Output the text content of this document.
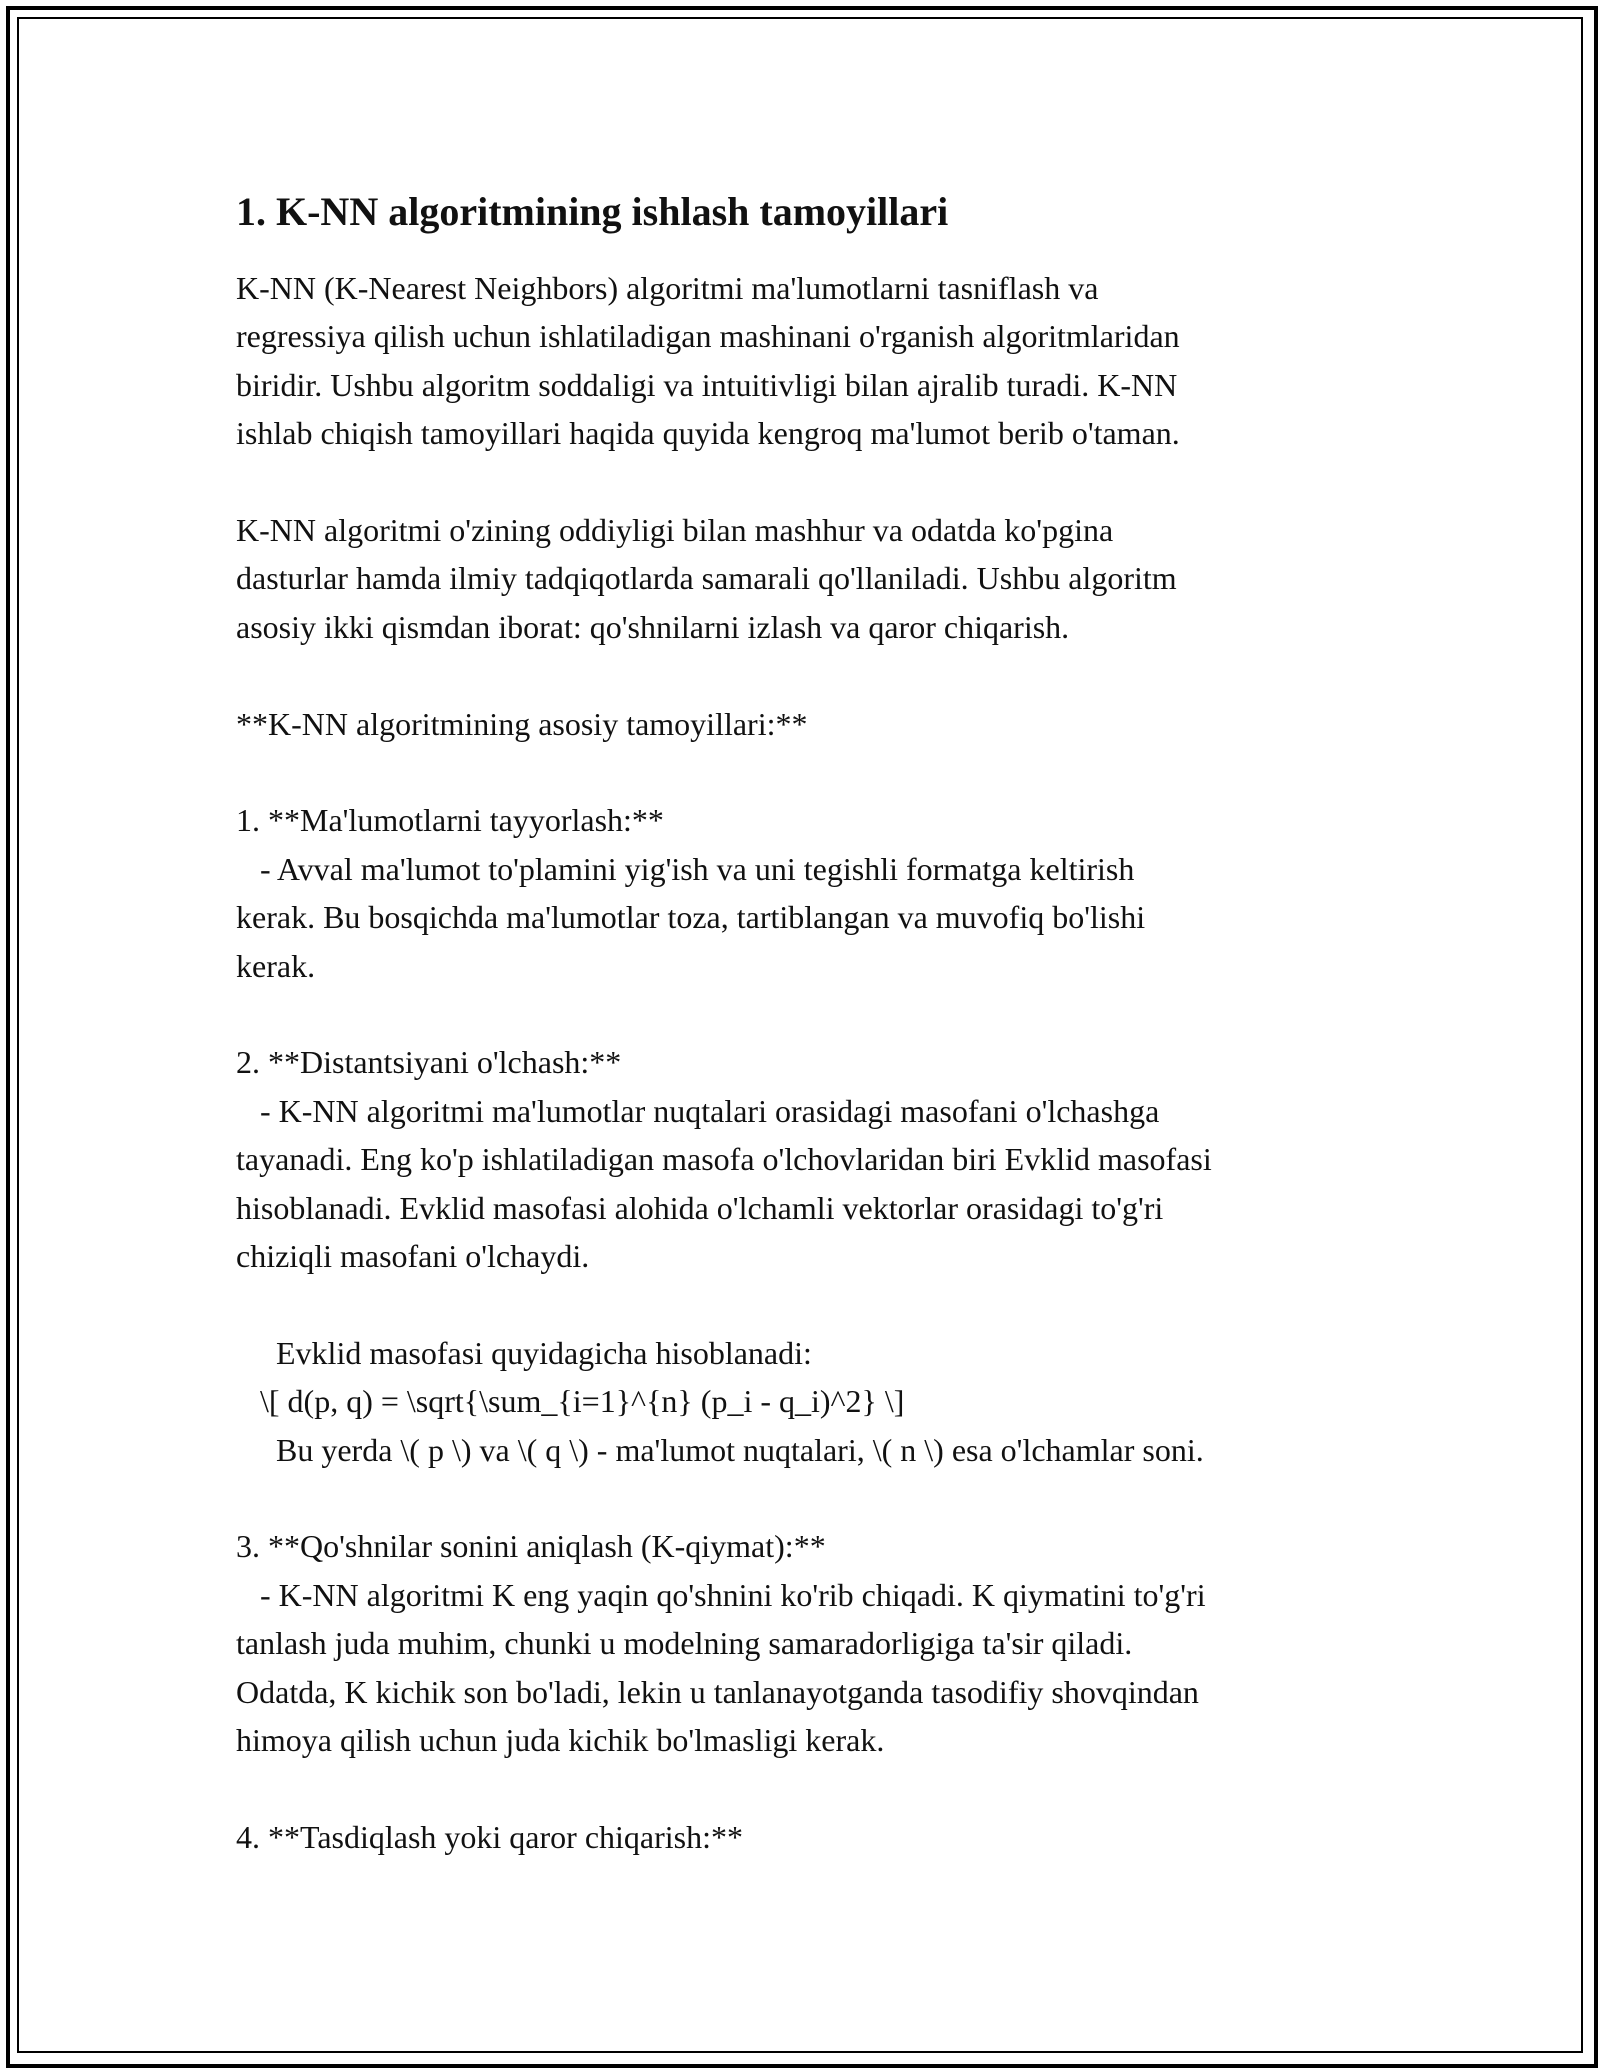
1. K-NN algoritmining ishlash tamoyillari

K-NN (K-Nearest Neighbors) algoritmi ma'lumotlarni tasniflash va
regressiya qilish uchun ishlatiladigan mashinani o'rganish algoritmlaridan
biridir. Ushbu algoritm soddaligi va intuitivligi bilan ajralib turadi. K-NN
ishlab chiqish tamoyillari haqida quyida kengroq ma'lumot berib o'taman.

K-NN algoritmi o'zining oddiyligi bilan mashhur va odatda ko'pgina
dasturlar hamda ilmiy tadqiqotlarda samarali qo'llaniladi. Ushbu algoritm
asosiy ikki qismdan iborat: qo'shnilarni izlash va qaror chiqarish.

**K-NN algoritmining asosiy tamoyillari:**

1. **Ma'lumotlarni tayyorlash:**
- Avval ma'lumot to'plamini yig'ish va uni tegishli formatga keltirish
kerak. Bu bosqichda ma'lumotlar toza, tartiblangan va muvofiq bo'lishi
kerak.

2. **Distantsiyani o'lchash:**
- K-NN algoritmi ma'lumotlar nuqtalari orasidagi masofani o'lchashga
tayanadi. Eng ko'p ishlatiladigan masofa o'lchovlaridan biri Evklid masofasi
hisoblanadi. Evklid masofasi alohida o'lchamli vektorlar orasidagi to'g'ri
chiziqli masofani o'lchaydi.

Evklid masofasi quyidagicha hisoblanadi:
\[ d(p, q) = \sqrt{\sum_{i=1}^{n} (p_i - q_i)^2} \]
Bu yerda \( p \) va \( q \) - ma'lumot nuqtalari, \( n \) esa o'lchamlar soni.

3. **Qo'shnilar sonini aniqlash (K-qiymat):**
- K-NN algoritmi K eng yaqin qo'shnini ko'rib chiqadi. K qiymatini to'g'ri
tanlash juda muhim, chunki u modelning samaradorligiga ta'sir qiladi.
Odatda, K kichik son bo'ladi, lekin u tanlanayotganda tasodifiy shovqindan
himoya qilish uchun juda kichik bo'lmasligi kerak.

4. **Tasdiqlash yoki qaror chiqarish:**
